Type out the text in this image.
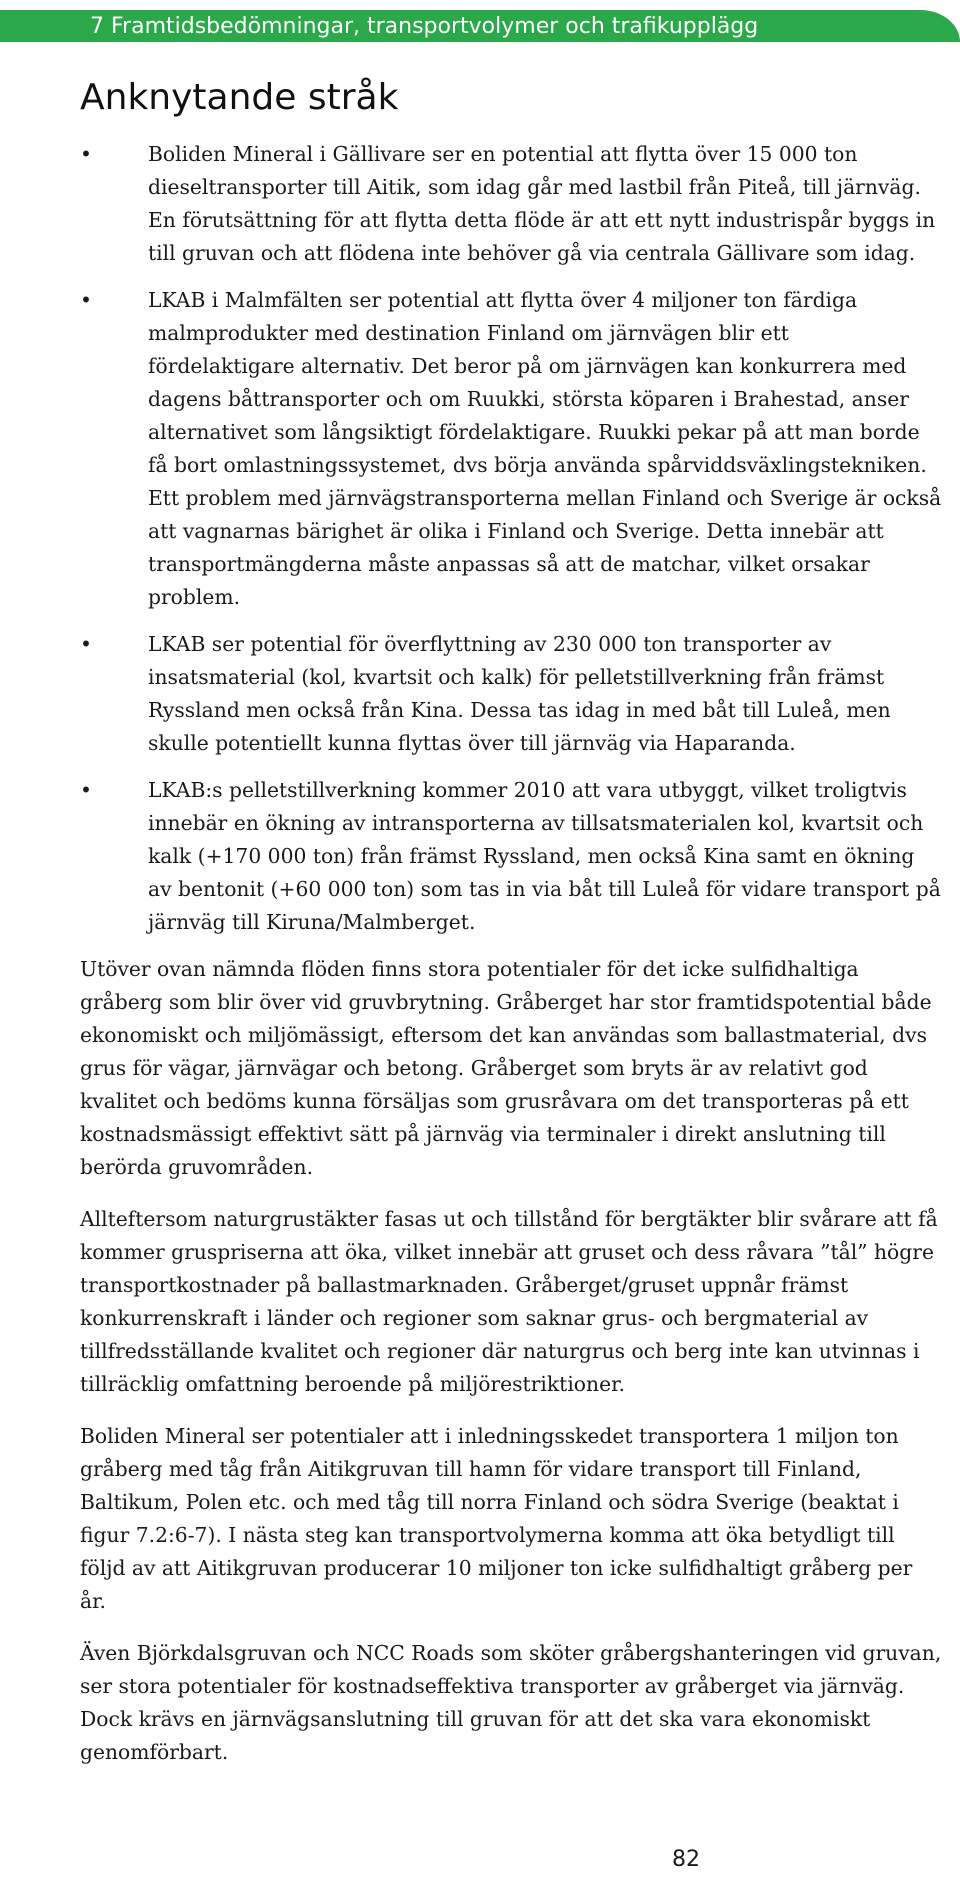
7 Framtidsbedömningar, transportvolymer och trafikupplägg
Anknytande stråk
•	Boliden Mineral i Gällivare ser en potential att flytta över 15 000 ton dieseltransporter till Aitik, som idag går med lastbil från Piteå, till järnväg. En förutsättning för att flytta detta flöde är att ett nytt industrispår byggs in till gruvan och att flödena inte behöver gå via centrala Gällivare som idag.
•	LKAB i Malmfälten ser potential att flytta över 4 miljoner ton färdiga malmprodukter med destination Finland om järnvägen blir ett fördelaktigare alternativ. Det beror på om järnvägen kan konkurrera med dagens båttransporter och om Ruukki, största köparen i Brahestad, anser alternativet som långsiktigt fördelaktigare. Ruukki pekar på att man borde få bort omlastningssystemet, dvs börja använda spårviddsväxlingstekniken. Ett problem med järnvägstransporterna mellan Finland och Sverige är också att vagnarnas bärighet är olika i Finland och Sverige. Detta innebär att transportmängderna måste anpassas så att de matchar, vilket orsakar problem.
•	LKAB ser potential för överflyttning av 230 000 ton transporter av insatsmaterial (kol, kvartsit och kalk) för pelletstillverkning från främst Ryssland men också från Kina. Dessa tas idag in med båt till Luleå, men skulle potentiellt kunna flyttas över till järnväg via Haparanda.
•	LKAB:s pelletstillverkning kommer 2010 att vara utbyggt, vilket troligtvis innebär en ökning av intransporterna av tillsatsmaterialen kol, kvartsit och kalk (+170 000 ton) från främst Ryssland, men också Kina samt en ökning av bentonit (+60 000 ton) som tas in via båt till Luleå för vidare transport på järnväg till Kiruna/Malmberget.

Utöver ovan nämnda flöden finns stora potentialer för det icke sulfidhaltiga gråberg som blir över vid gruvbrytning. Gråberget har stor framtidspotential både ekonomiskt och miljömässigt, eftersom det kan användas som ballastmaterial, dvs grus för vägar, järnvägar och betong. Gråberget som bryts är av relativt god kvalitet och bedöms kunna försäljas som grusråvara om det transporteras på ett kostnadsmässigt effektivt sätt på järnväg via terminaler i direkt anslutning till berörda gruvområden.

Allteftersom naturgrustäkter fasas ut och tillstånd för bergtäkter blir svårare att få kommer gruspriserna att öka, vilket innebär att gruset och dess råvara ”tål” högre transportkostnader på ballastmarknaden. Gråberget/gruset uppnår främst konkurrenskraft i länder och regioner som saknar grus- och bergmaterial av tillfredsställande kvalitet och regioner där naturgrus och berg inte kan utvinnas i tillräcklig omfattning beroende på miljörestriktioner.

Boliden Mineral ser potentialer att i inledningsskedet transportera 1 miljon ton gråberg med tåg från Aitikgruvan till hamn för vidare transport till Finland, Baltikum, Polen etc. och med tåg till norra Finland och södra Sverige (beaktat i figur 7.2:6-7). I nästa steg kan transportvolymerna komma att öka betydligt till följd av att Aitikgruvan producerar 10 miljoner ton icke sulfidhaltigt gråberg per år.

Även Björkdalsgruvan och NCC Roads som sköter gråbergshanteringen vid gruvan, ser stora potentialer för kostnadseffektiva transporter av gråberget via järnväg. Dock krävs en järnvägsanslutning till gruvan för att det ska vara ekonomiskt genomförbart.

82
